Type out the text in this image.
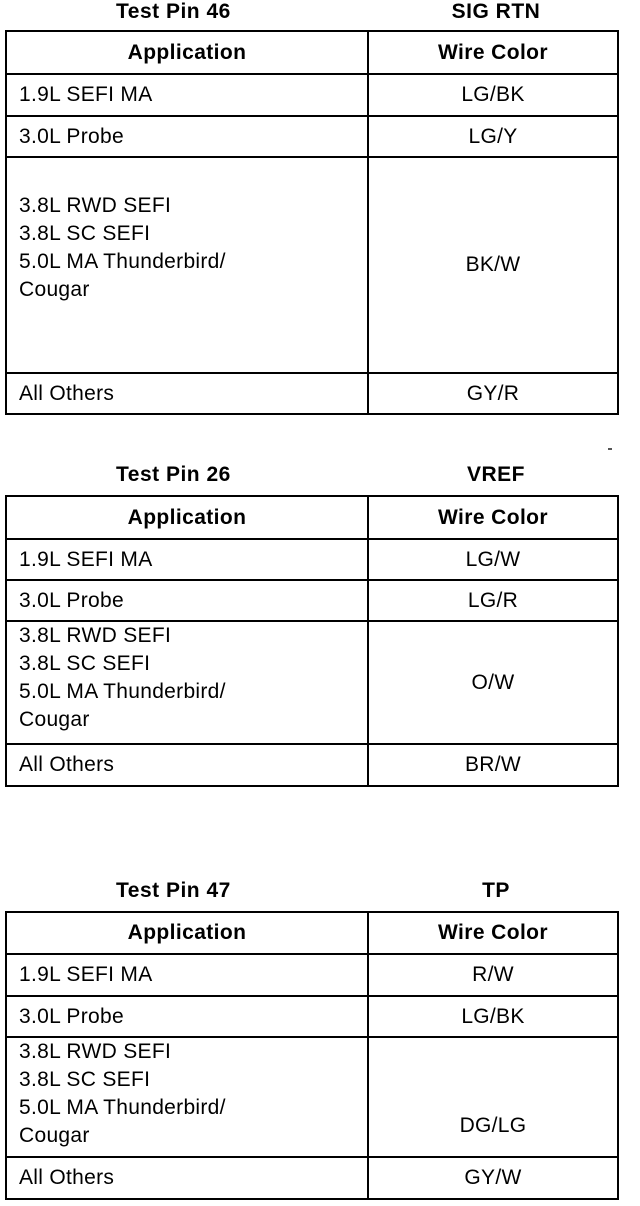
Test Pin 46	SIG RTN
Application	Wire Color

1.9L SEFI MA	LG/BK

3.0L Probe	LG/Y

3.8L RWD SEFI
3.8L SC SEFI
5.0L MA Thunderbird/
Cougar	BK/W

All Others	GY/R
Test Pin 26	VREF
Application	Wire Color

1.9L SEFI MA	LG/W

3.0L Probe	LG/R

3.8L RWD SEFI
3.8L SC SEFI
5.0L MA Thunderbird/
Cougar	O/W

All Others	BR/W
Test Pin 47	TP
Application	Wire Color

1.9L SEFI MA	R/W

3.0L Probe	LG/BK

3.8L RWD SEFI
3.8L SC SEFI
5.0L MA Thunderbird/
Cougar	DG/LG

All Others	GY/W
